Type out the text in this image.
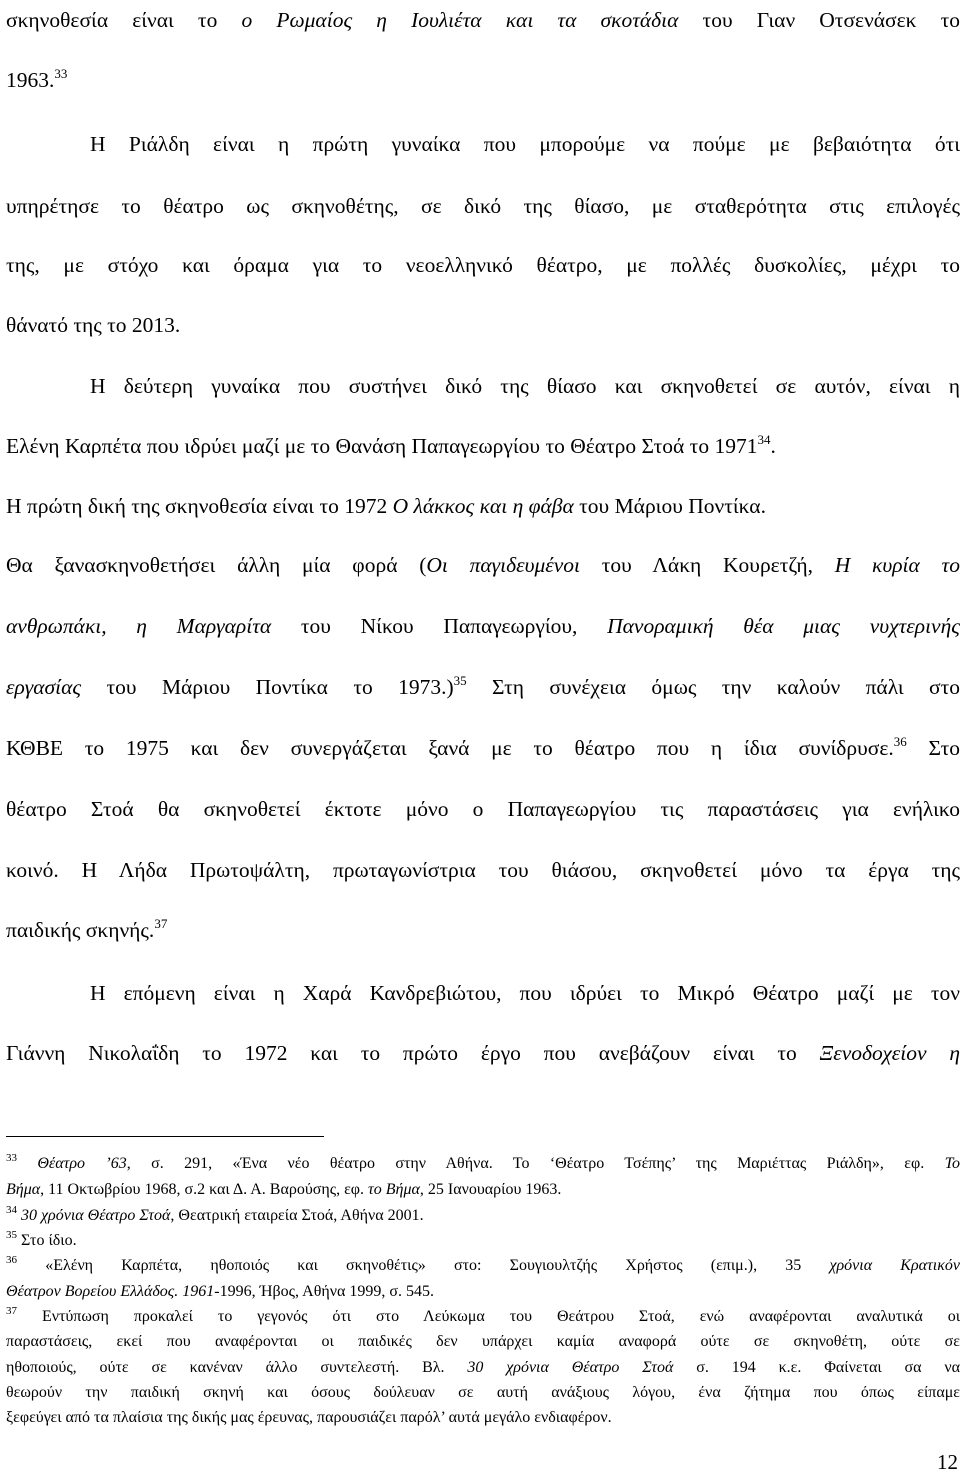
σκηνοθεσία είναι το ο Ρωμαίος η Ιουλιέτα και τα σκοτάδια του Γιαν Οτσενάσεκ το
1963.33
Η Ριάλδη είναι η πρώτη γυναίκα που μπορούμε να πούμε με βεβαιότητα ότι
υπηρέτησε το θέατρο ως σκηνοθέτης, σε δικό της θίασο, με σταθερότητα στις επιλογές
της, με στόχο και όραμα για το νεοελληνικό θέατρο, με πολλές δυσκολίες, μέχρι το
θάνατό της το 2013.
Η δεύτερη γυναίκα που συστήνει δικό της θίασο και σκηνοθετεί σε αυτόν, είναι η
Ελένη Καρπέτα που ιδρύει μαζί με το Θανάση Παπαγεωργίου το Θέατρο Στοά το 1971$^{34}$.
Η πρώτη δική της σκηνοθεσία είναι το 1972 Ο λάκκος και η φάβα του Μάριου Ποντίκα.
Θα ξανασκηνοθετήσει άλλη μία φορά (Οι παγιδευμένοι του Λάκη Κουρετζή, Η κυρία το
ανθρωπάκι, η Μαργαρίτα του Νίκου Παπαγεωργίου, Πανοραμική θέα μιας νυχτερινής
εργασίας του Μάριου Ποντίκα το 1973.)$^{35}$ Στη συνέχεια όμως την καλούν πάλι στο
ΚΘΒΕ το 1975 και δεν συνεργάζεται ξανά με το θέατρο που η ίδια συνίδρυσε.$^{36}$ Στο
θέατρο Στοά θα σκηνοθετεί έκτοτε μόνο ο Παπαγεωργίου τις παραστάσεις για ενήλικο
κοινό. Η Λήδα Πρωτοψάλτη, πρωταγωνίστρια του θιάσου, σκηνοθετεί μόνο τα έργα της
παιδικής σκηνής.$^{37}$
Η επόμενη είναι η Χαρά Κανδρεβιώτου, που ιδρύει το Μικρό Θέατρο μαζί με τον
Γιάννη Νικολαΐδη το 1972 και το πρώτο έργο που ανεβάζουν είναι το Ξενοδοχείον η
$^{33}$ Θέατρο ’63, σ. 291, «Ένα νέο θέατρο στην Αθήνα. Το ‘Θέατρο Τσέπης’ της Μαριέττας Ριάλδη», εφ. Το
Βήμα, 11 Οκτωβρίου 1968, σ.2 και Δ. Α. Βαρούσης, εφ. το Βήμα, 25 Ιανουαρίου 1963.
$^{34}$ 30 χρόνια Θέατρο Στοά, Θεατρική εταιρεία Στοά, Αθήνα 2001.
$^{35}$ Στο ίδιο.
$^{36}$ «Ελένη Καρπέτα, ηθοποιός και σκηνοθέτις» στο: Σουγιουλτζής Χρήστος (επιμ.), 35 χρόνια Κρατικόν
Θέατρον Βορείου Ελλάδος. 1961-1996, Ήβος, Αθήνα 1999, σ. 545.
$^{37}$ Εντύπωση προκαλεί το γεγονός ότι στο Λεύκωμα του Θεάτρου Στοά, ενώ αναφέρονται αναλυτικά οι
παραστάσεις, εκεί που αναφέρονται οι παιδικές δεν υπάρχει καμία αναφορά ούτε σε σκηνοθέτη, ούτε σε
ηθοποιούς, ούτε σε κανέναν άλλο συντελεστή. Βλ. 30 χρόνια Θέατρο Στοά σ. 194 κ.ε. Φαίνεται σα να
θεωρούν την παιδική σκηνή και όσους δούλευαν σε αυτή ανάξιους λόγου, ένα ζήτημα που όπως είπαμε
ξεφεύγει από τα πλαίσια της δικής μας έρευνας, παρουσιάζει παρόλ’ αυτά μεγάλο ενδιαφέρον.
12
